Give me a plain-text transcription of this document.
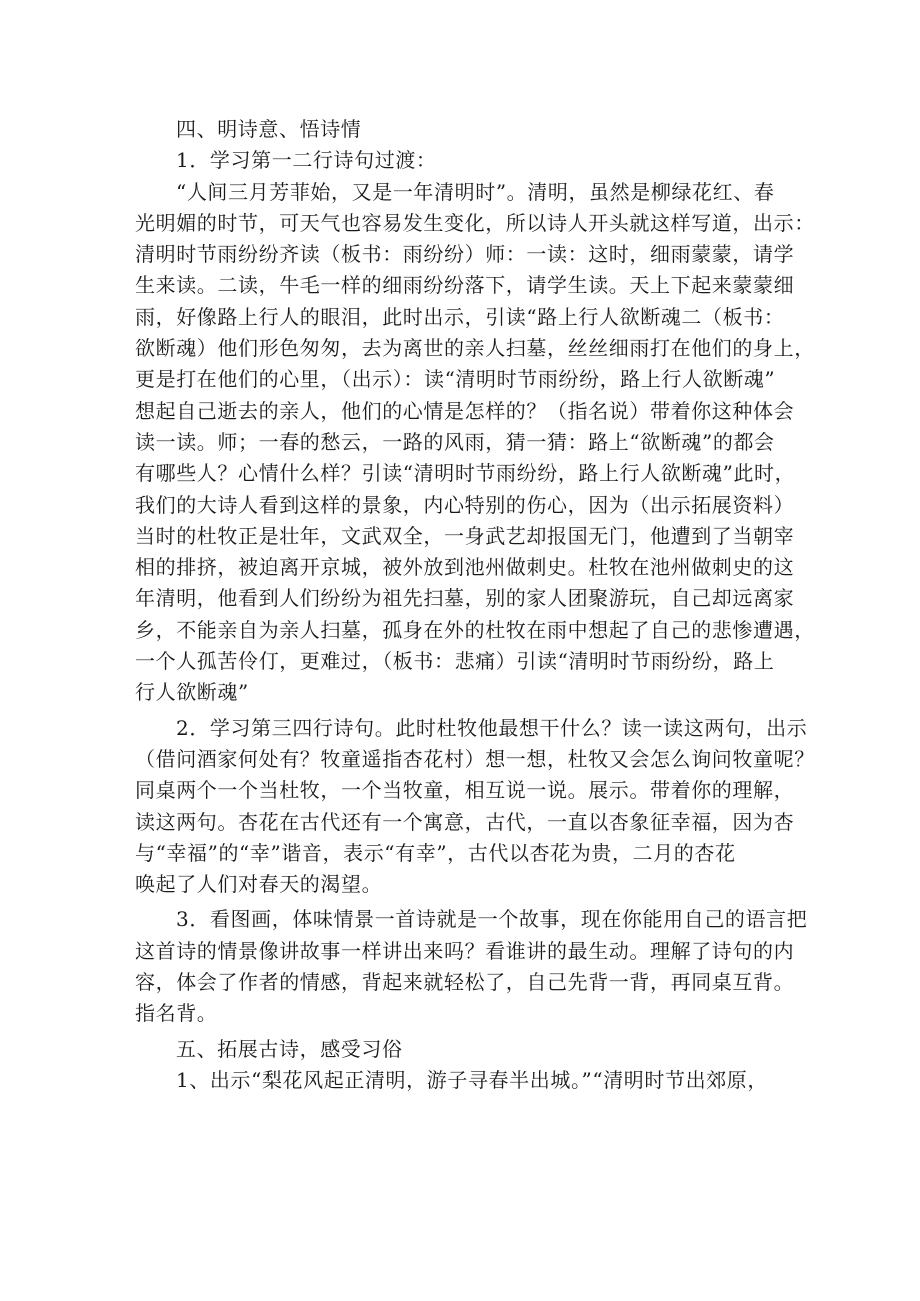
四、明诗意、悟诗情
1．学习第一二行诗句过渡：
“人间三月芳菲始，又是一年清明时”。清明，虽然是柳绿花红、春
光明媚的时节，可天气也容易发生变化，所以诗人开头就这样写道，出示：
清明时节雨纷纷齐读（板书：雨纷纷）师：一读：这时，细雨蒙蒙，请学
生来读。二读，牛毛一样的细雨纷纷落下，请学生读。天上下起来蒙蒙细
雨，好像路上行人的眼泪，此时出示，引读“路上行人欲断魂二（板书：
欲断魂）他们形色匆匆，去为离世的亲人扫墓，丝丝细雨打在他们的身上，
更是打在他们的心里，（出示）：读“清明时节雨纷纷，路上行人欲断魂”
想起自己逝去的亲人，他们的心情是怎样的？（指名说）带着你这种体会
读一读。师；一春的愁云，一路的风雨，猜一猜：路上“欲断魂”的都会
有哪些人？心情什么样？引读“清明时节雨纷纷，路上行人欲断魂”此时，
我们的大诗人看到这样的景象，内心特别的伤心，因为（出示拓展资料）
当时的杜牧正是壮年，文武双全，一身武艺却报国无门，他遭到了当朝宰
相的排挤，被迫离开京城，被外放到池州做刺史。杜牧在池州做刺史的这
年清明，他看到人们纷纷为祖先扫墓，别的家人团聚游玩，自己却远离家
乡，不能亲自为亲人扫墓，孤身在外的杜牧在雨中想起了自己的悲惨遭遇，
一个人孤苦伶仃，更难过，（板书：悲痛）引读“清明时节雨纷纷，路上
行人欲断魂”
2．学习第三四行诗句。此时杜牧他最想干什么？读一读这两句，出示
（借问酒家何处有？牧童遥指杏花村）想一想，杜牧又会怎么询问牧童呢？
同桌两个一个当杜牧，一个当牧童，相互说一说。展示。带着你的理解，
读这两句。杏花在古代还有一个寓意，古代，一直以杏象征幸福，因为杏
与“幸福”的“幸”谐音，表示“有幸”，古代以杏花为贵，二月的杏花
唤起了人们对春天的渴望。
3．看图画，体味情景一首诗就是一个故事，现在你能用自己的语言把
这首诗的情景像讲故事一样讲出来吗？看谁讲的最生动。理解了诗句的内
容，体会了作者的情感，背起来就轻松了，自己先背一背，再同桌互背。
指名背。
五、拓展古诗，感受习俗
1、出示“梨花风起正清明，游子寻春半出城。”“清明时节出郊原，
